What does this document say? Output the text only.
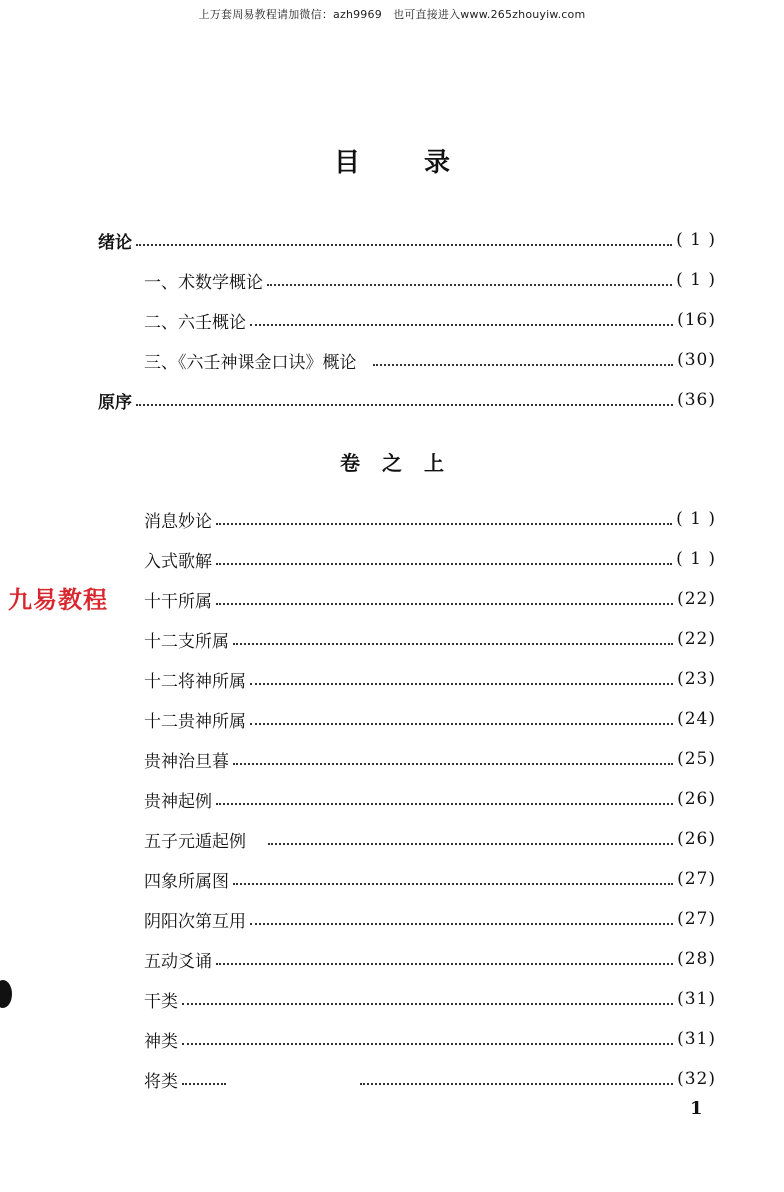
上万套周易教程请加微信：azh9969　也可直接进入www.265zhouyiw.com
目录
绪论	( 1 )
一、术数学概论	( 1 )
二、六壬概论	(16)
三、《六壬神课金口诀》概论	(30)
原序	(36)
卷之上
消息妙论	( 1 )
入式歌解	( 1 )
十干所属	(22)
十二支所属	(22)
十二将神所属	(23)
十二贵神所属	(24)
贵神治旦暮	(25)
贵神起例	(26)
五子元遁起例	(26)
四象所属图	(27)
阴阳次第互用	(27)
五动爻诵	(28)
干类	(31)
神类	(31)
将类	(32)
九易教程
1
